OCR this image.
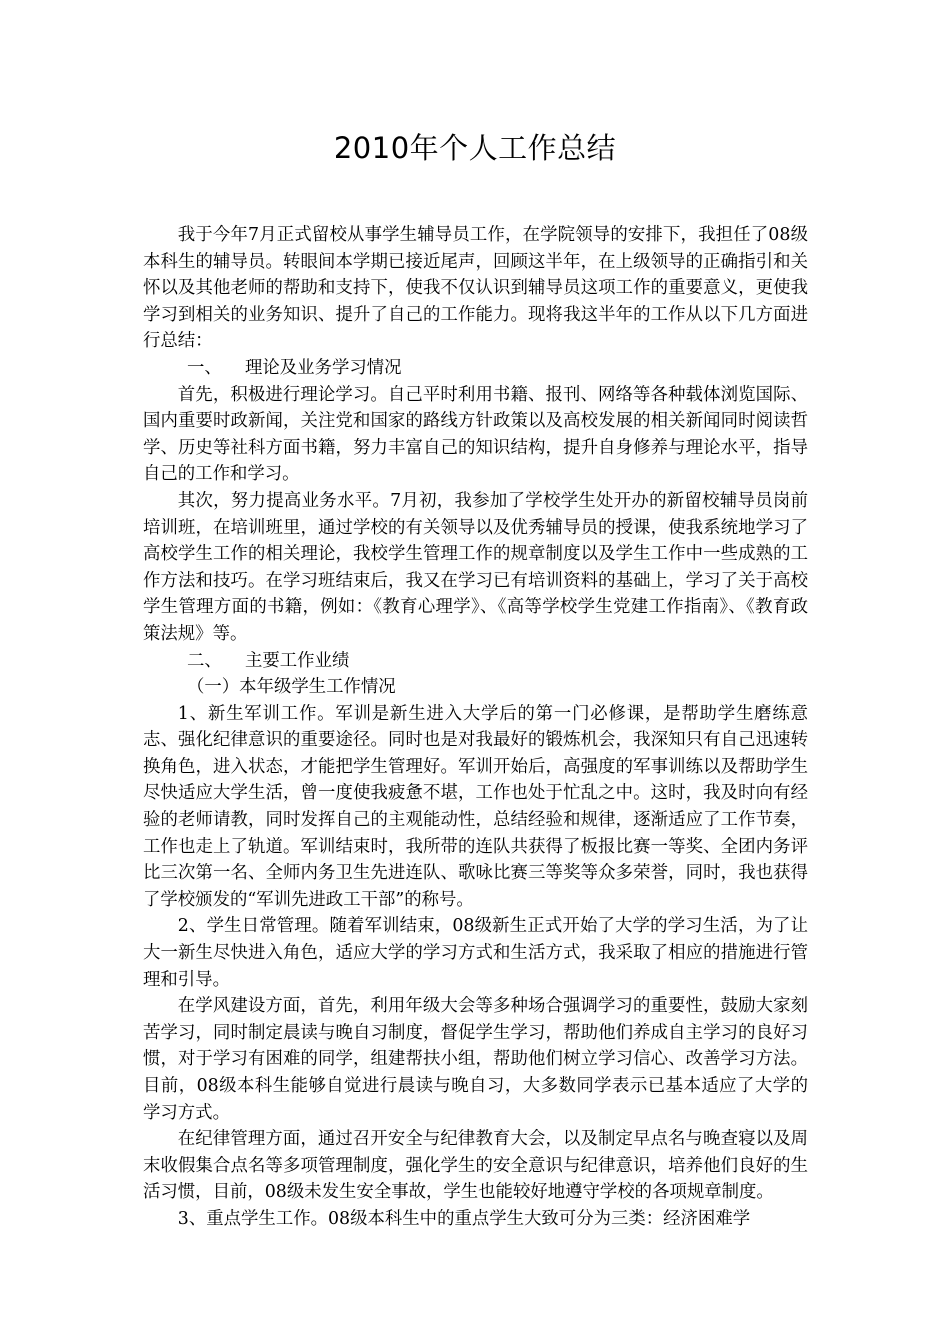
2010年个人工作总结

我于今年7月正式留校从事学生辅导员工作，在学院领导的安排下，我担任了08级本科生的辅导员。转眼间本学期已接近尾声，回顾这半年，在上级领导的正确指引和关怀以及其他老师的帮助和支持下，使我不仅认识到辅导员这项工作的重要意义，更使我学习到相关的业务知识、提升了自己的工作能力。现将我这半年的工作从以下几方面进行总结：

一、 理论及业务学习情况

首先，积极进行理论学习。自己平时利用书籍、报刊、网络等各种载体浏览国际、国内重要时政新闻，关注党和国家的路线方针政策以及高校发展的相关新闻同时阅读哲学、历史等社科方面书籍，努力丰富自己的知识结构，提升自身修养与理论水平，指导自己的工作和学习。

其次，努力提高业务水平。7月初，我参加了学校学生处开办的新留校辅导员岗前培训班，在培训班里，通过学校的有关领导以及优秀辅导员的授课，使我系统地学习了高校学生工作的相关理论，我校学生管理工作的规章制度以及学生工作中一些成熟的工作方法和技巧。在学习班结束后，我又在学习已有培训资料的基础上，学习了关于高校学生管理方面的书籍，例如：《教育心理学》、《高等学校学生党建工作指南》、《教育政策法规》等。

二、 主要工作业绩

（一）本年级学生工作情况

1、新生军训工作。军训是新生进入大学后的第一门必修课，是帮助学生磨练意志、强化纪律意识的重要途径。同时也是对我最好的锻炼机会，我深知只有自己迅速转换角色，进入状态，才能把学生管理好。军训开始后，高强度的军事训练以及帮助学生尽快适应大学生活，曾一度使我疲惫不堪，工作也处于忙乱之中。这时，我及时向有经验的老师请教，同时发挥自己的主观能动性，总结经验和规律，逐渐适应了工作节奏，工作也走上了轨道。军训结束时，我所带的连队共获得了板报比赛一等奖、全团内务评比三次第一名、全师内务卫生先进连队、歌咏比赛三等奖等众多荣誉，同时，我也获得了学校颁发的“军训先进政工干部”的称号。

2、学生日常管理。随着军训结束，08级新生正式开始了大学的学习生活，为了让大一新生尽快进入角色，适应大学的学习方式和生活方式，我采取了相应的措施进行管理和引导。

在学风建设方面，首先，利用年级大会等多种场合强调学习的重要性，鼓励大家刻苦学习，同时制定晨读与晚自习制度，督促学生学习，帮助他们养成自主学习的良好习惯，对于学习有困难的同学，组建帮扶小组，帮助他们树立学习信心、改善学习方法。目前，08级本科生能够自觉进行晨读与晚自习，大多数同学表示已基本适应了大学的学习方式。

在纪律管理方面，通过召开安全与纪律教育大会，以及制定早点名与晚查寝以及周末收假集合点名等多项管理制度，强化学生的安全意识与纪律意识，培养他们良好的生活习惯，目前，08级未发生安全事故，学生也能较好地遵守学校的各项规章制度。

3、重点学生工作。08级本科生中的重点学生大致可分为三类：经济困难学
